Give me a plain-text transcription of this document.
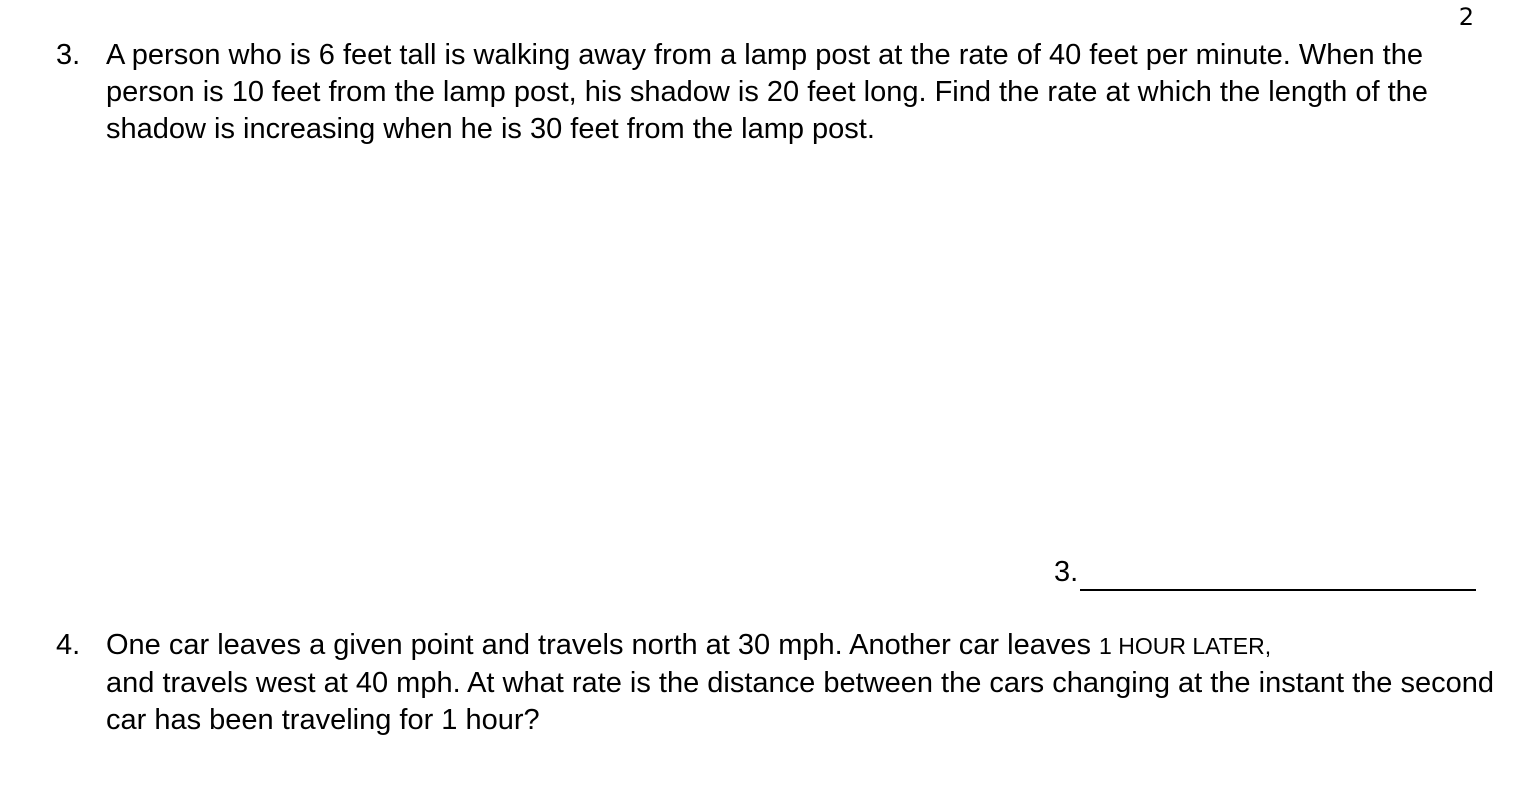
2
3. A person who is 6 feet tall is walking away from a lamp post at the rate of 40 feet per minute. When the person is 10 feet from the lamp post, his shadow is 20 feet long. Find the rate at which the length of the shadow is increasing when he is 30 feet from the lamp post.
3.
4. One car leaves a given point and travels north at 30 mph. Another car leaves 1 HOUR LATER,
and travels west at 40 mph. At what rate is the distance between the cars changing at the instant the second car has been traveling for 1 hour?
